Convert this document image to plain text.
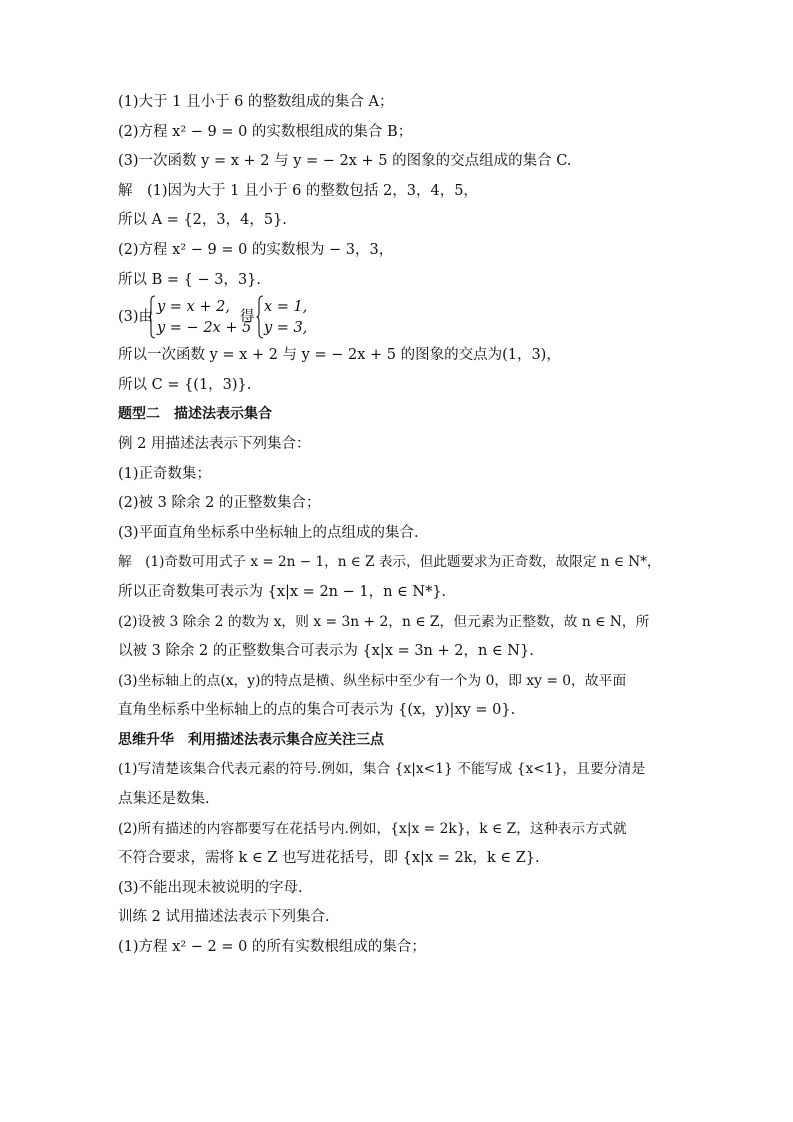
(1)大于 1 且小于 6 的整数组成的集合 A；
(2)方程 x² − 9 = 0 的实数根组成的集合 B；
(3)一次函数 y = x + 2 与 y = − 2x + 5 的图象的交点组成的集合 C.
解　(1)因为大于 1 且小于 6 的整数包括 2，3，4，5，
所以 A = {2，3，4，5}.
(2)方程 x² − 9 = 0 的实数根为 − 3，3，
所以 B = { − 3，3}.
(3)由
y = x + 2,
y = − 2x + 5
得
x = 1,
y = 3,
所以一次函数 y = x + 2 与 y = − 2x + 5 的图象的交点为(1，3)，
所以 C = {(1，3)}.
题型二　描述法表示集合
例 2 用描述法表示下列集合：
(1)正奇数集；
(2)被 3 除余 2 的正整数集合；
(3)平面直角坐标系中坐标轴上的点组成的集合.
解　(1)奇数可用式子 x = 2n − 1，n ∈ Z 表示，但此题要求为正奇数，故限定 n ∈ N*，
所以正奇数集可表示为 {x|x = 2n − 1，n ∈ N*}.
(2)设被 3 除余 2 的数为 x，则 x = 3n + 2，n ∈ Z，但元素为正整数，故 n ∈ N，所
以被 3 除余 2 的正整数集合可表示为 {x|x = 3n + 2，n ∈ N}.
(3)坐标轴上的点(x，y)的特点是横、纵坐标中至少有一个为 0，即 xy = 0，故平面
直角坐标系中坐标轴上的点的集合可表示为 {(x，y)|xy = 0}.
思维升华　利用描述法表示集合应关注三点
(1)写清楚该集合代表元素的符号.例如，集合 {x|x<1} 不能写成 {x<1}，且要分清是
点集还是数集.
(2)所有描述的内容都要写在花括号内.例如，{x|x = 2k}，k ∈ Z，这种表示方式就
不符合要求，需将 k ∈ Z 也写进花括号，即 {x|x = 2k，k ∈ Z}.
(3)不能出现未被说明的字母.
训练 2 试用描述法表示下列集合.
(1)方程 x² − 2 = 0 的所有实数根组成的集合；
